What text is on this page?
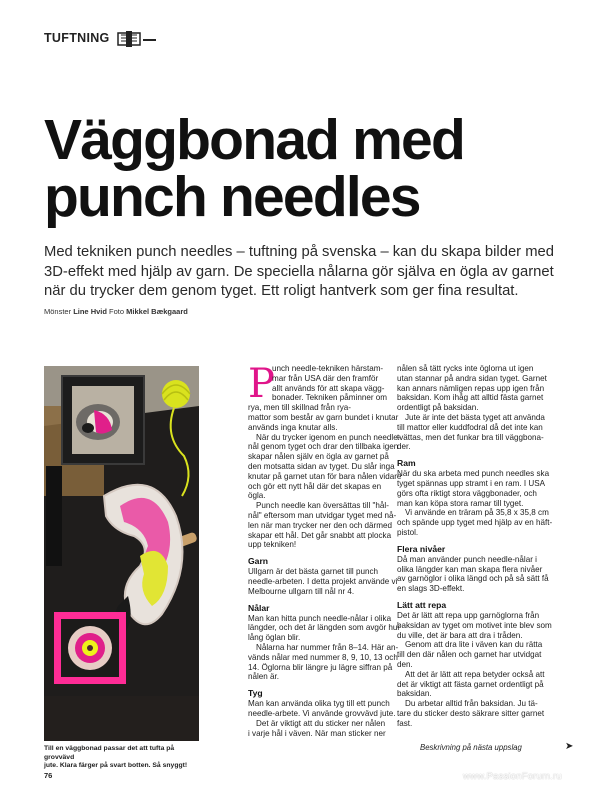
TUFTNING
Väggbonad med
punch needles
Med tekniken punch needles – tuftning på svenska – kan du skapa bilder med
3D-effekt med hjälp av garn. De speciella nålarna gör själva en ögla av garnet
när du trycker dem genom tyget. Ett roligt hantverk som ger fina resultat.
Mönster Line Hvid Foto Mikkel Bækgaard
Till en väggbonad passar det att tufta på grovvävd
jute. Klara färger på svart botten. Så snyggt!
P

unch needle-tekniken härstam-
mar från USA där den framför
allt används för att skapa vägg-
bonader. Tekniken påminner om
rya, men till skillnad från rya-
mattor som består av garn bundet i knutar
används inga knutar alls.
När du trycker igenom en punch needle-
nål genom tyget och drar den tillbaka igen
skapar nålen själv en ögla av garnet på
den motsatta sidan av tyget. Du slår inga
knutar på garnet utan för bara nålen vidare
och gör ett nytt hål där det skapas en
ögla.
Punch needle kan översättas till "hål-
nål" eftersom man utvidgar tyget med nå-
len när man trycker ner den och därmed
skapar ett hål. Det går snabbt att plocka
upp tekniken!

Garn

Ullgarn är det bästa garnet till punch
needle-arbeten. I detta projekt använde vi
Melbourne ullgarn till nål nr 4.

Nålar

Man kan hitta punch needle-nålar i olika
längder, och det är längden som avgör hur
lång öglan blir.
Nålarna har nummer från 8–14. Här an-
vänds nålar med nummer 8, 9, 10, 13 och
14. Öglorna blir längre ju lägre siffran på
nålen är.

Tyg

Man kan använda olika tyg till ett punch
needle-arbete. Vi använde grovvävd jute.
Det är viktigt att du sticker ner nålen
i varje hål i väven. När man sticker ner

nålen så tätt rycks inte öglorna ut igen
utan stannar på andra sidan tyget. Garnet
kan annars nämligen repas upp igen från
baksidan. Kom ihåg att alltid fästa garnet
ordentligt på baksidan.
Jute är inte det bästa tyget att använda
till mattor eller kuddfodral då det inte kan
tvättas, men det funkar bra till väggbona-
der.

Ram

När du ska arbeta med punch needles ska
tyget spännas upp stramt i en ram. I USA
görs ofta riktigt stora väggbonader, och
man kan köpa stora ramar till tyget.
Vi använde en träram på 35,8 x 35,8 cm
och spände upp tyget med hjälp av en häft-
pistol.

Flera nivåer

Då man använder punch needle-nålar i
olika längder kan man skapa flera nivåer
av garnöglor i olika längd och på så sätt få
en slags 3D-effekt.

Lätt att repa

Det är lätt att repa upp garnöglorna från
baksidan av tyget om motivet inte blev som
du ville, det är bara att dra i tråden.
Genom att dra lite i väven kan du rätta
till den där nålen och garnet har utvidgat
den.
Att det är lätt att repa betyder också att
det är viktigt att fästa garnet ordentligt på
baksidan.
Du arbetar alltid från baksidan. Ju tä-
tare du sticker desto säkrare sitter garnet
fast.

Beskrivning på nästa uppslag	➤
76	www.PassionForum.ru
